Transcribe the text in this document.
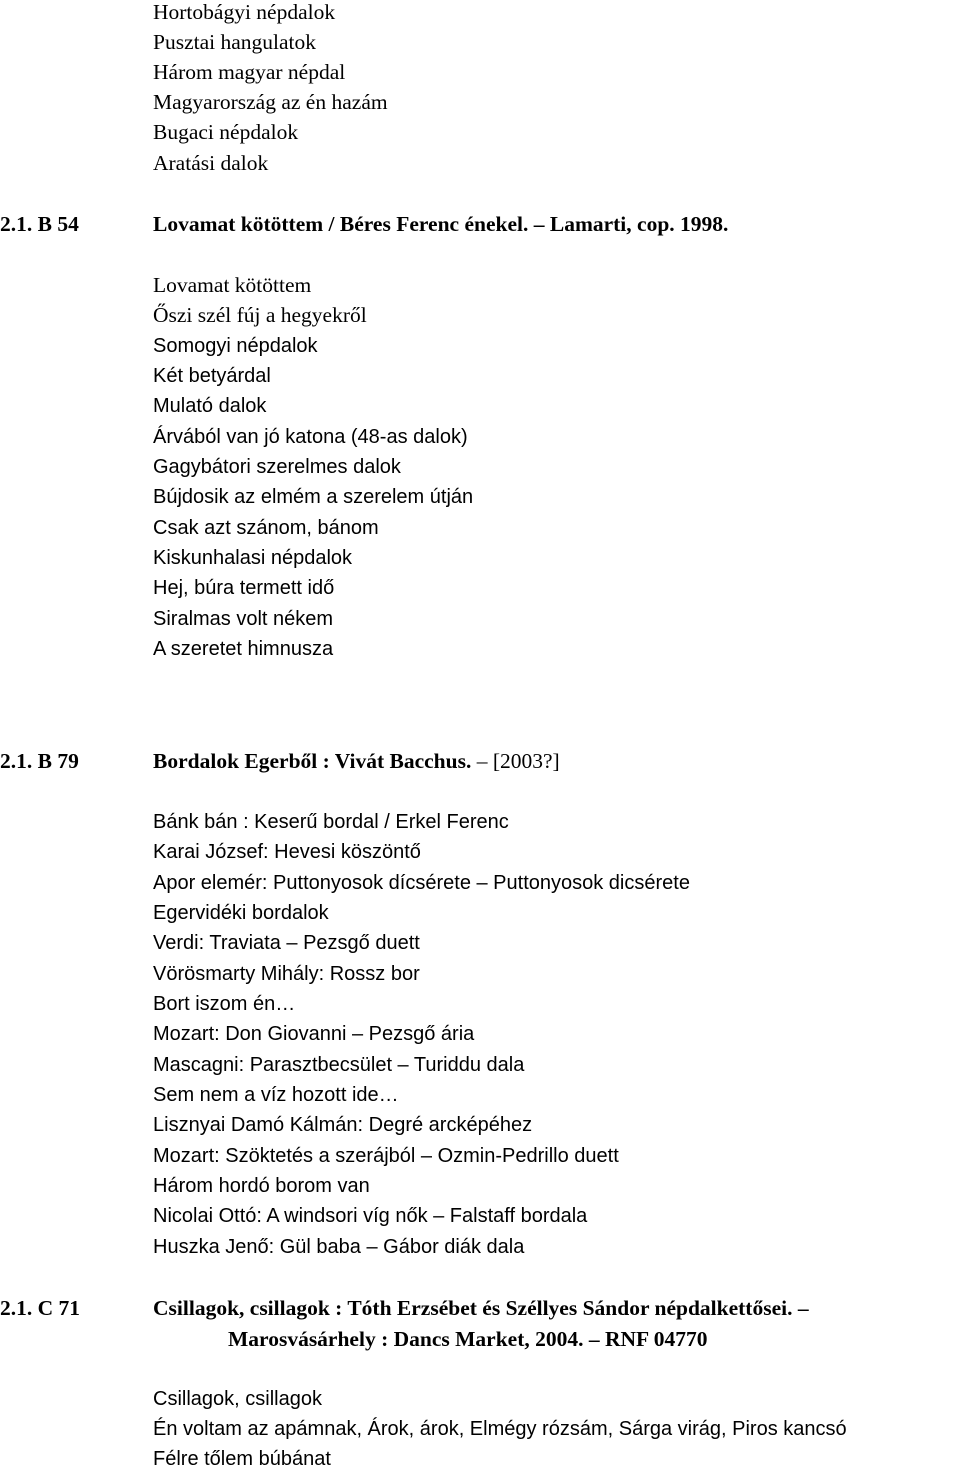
Hortobágyi népdalok
Pusztai hangulatok
Három magyar népdal
Magyarország az én hazám
Bugaci népdalok
Aratási dalok
2.1. B 54	Lovamat kötöttem / Béres Ferenc énekel. – Lamarti, cop. 1998.
Lovamat kötöttem
Őszi szél fúj a hegyekről
Somogyi népdalok
Két betyárdal
Mulató dalok
Árvából van jó katona (48-as dalok)
Gagybátori szerelmes dalok
Bújdosik az elmém a szerelem útján
Csak azt szánom, bánom
Kiskunhalasi népdalok
Hej, búra termett idő
Siralmas volt nékem
A szeretet himnusza
2.1. B 79	Bordalok Egerből : Vivát Bacchus. – [2003?]
Bánk bán : Keserű bordal / Erkel Ferenc
Karai József: Hevesi köszöntő
Apor elemér: Puttonyosok dícsérete – Puttonyosok dicsérete
Egervidéki bordalok
Verdi: Traviata – Pezsgő duett
Vörösmarty Mihály: Rossz bor
Bort iszom én…
Mozart: Don Giovanni – Pezsgő ária
Mascagni: Parasztbecsület – Turiddu dala
Sem nem a víz hozott ide…
Lisznyai Damó Kálmán: Degré arcképéhez
Mozart: Szöktetés a szerájból – Ozmin-Pedrillo duett
Három hordó borom van
Nicolai Ottó: A windsori víg nők – Falstaff bordala
Huszka Jenő: Gül baba – Gábor diák dala
2.1. C 71	Csillagok, csillagok : Tóth Erzsébet és Széllyes Sándor népdalkettősei. –
Marosvásárhely : Dancs Market, 2004. – RNF 04770
Csillagok, csillagok
Én voltam az apámnak, Árok, árok, Elmégy rózsám, Sárga virág, Piros kancsó
Félre tőlem búbánat
